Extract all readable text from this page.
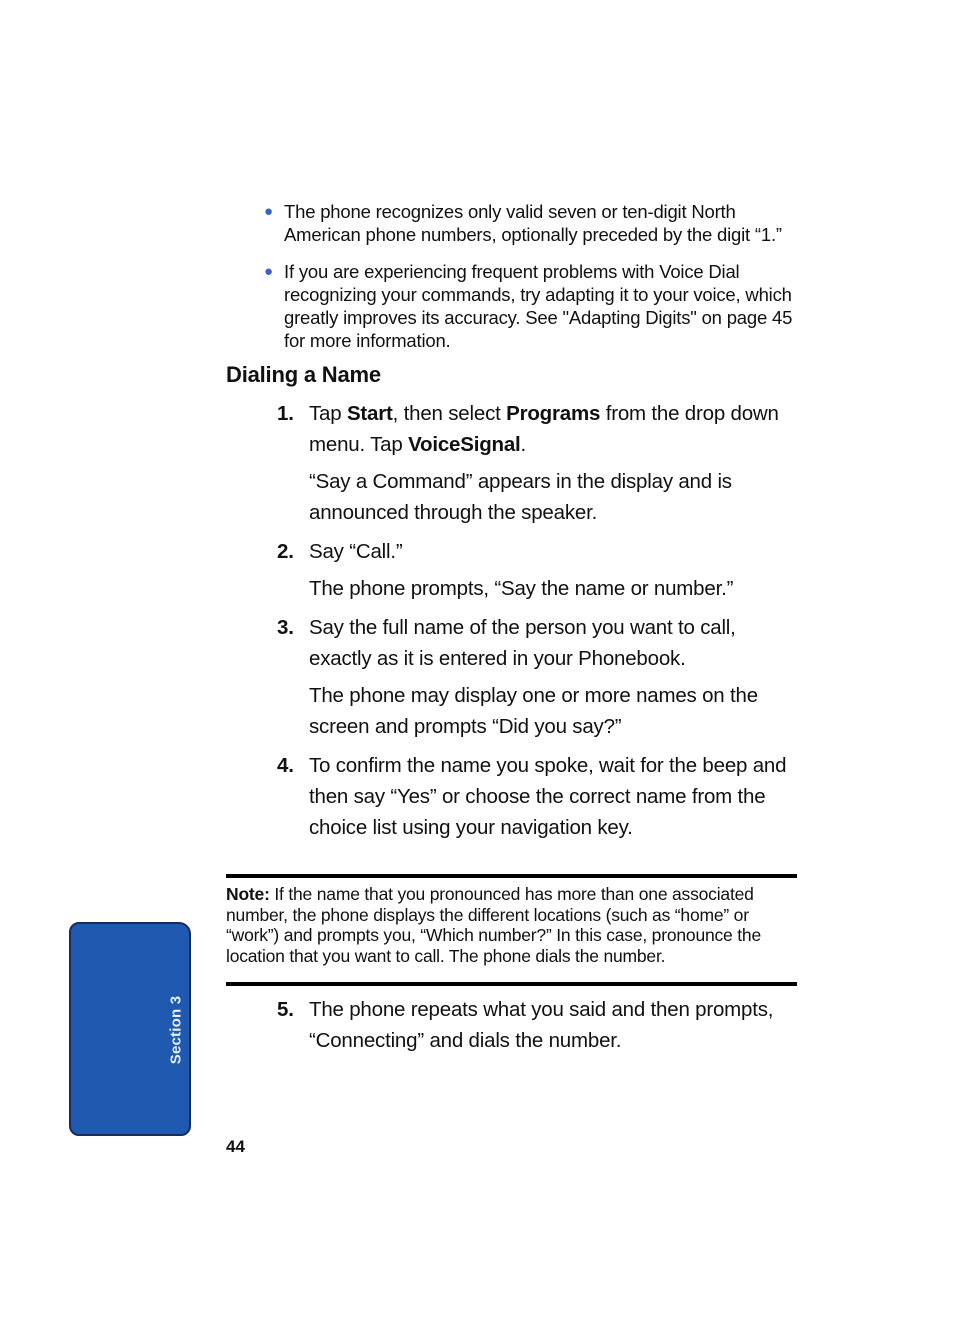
● The phone recognizes only valid seven or ten-digit North American phone numbers, optionally preceded by the digit “1.”
● If you are experiencing frequent problems with Voice Dial recognizing your commands, try adapting it to your voice, which greatly improves its accuracy. See "Adapting Digits" on page 45 for more information.
Dialing a Name
1. Tap Start, then select Programs from the drop down menu. Tap VoiceSignal.
“Say a Command” appears in the display and is announced through the speaker.
2. Say “Call.”
The phone prompts, “Say the name or number.”
3. Say the full name of the person you want to call, exactly as it is entered in your Phonebook.
The phone may display one or more names on the screen and prompts “Did you say?”
4. To confirm the name you spoke, wait for the beep and then say “Yes” or choose the correct name from the choice list using your navigation key.
Note: If the name that you pronounced has more than one associated number, the phone displays the different locations (such as “home” or “work”) and prompts you, “Which number?” In this case, pronounce the location that you want to call. The phone dials the number.
5. The phone repeats what you said and then prompts, “Connecting” and dials the number.
Section 3
44
